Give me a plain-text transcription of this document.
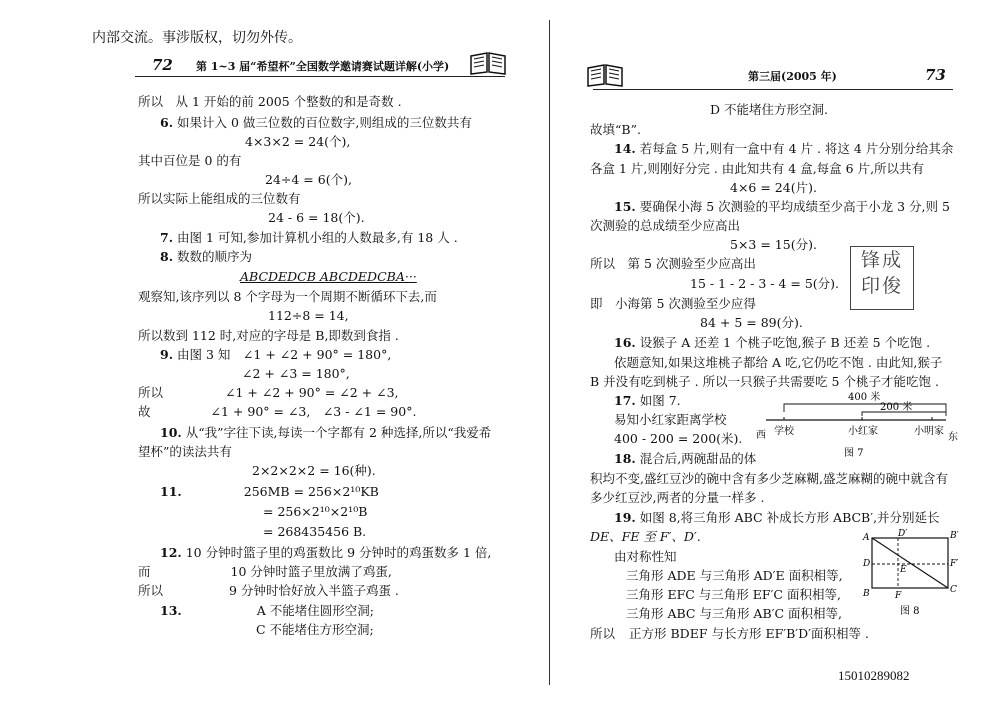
内部交流。事涉版权，切勿外传。
72 第 1~3 届“希望杯”全国数学邀请赛试题详解(小学)
第三届(2005 年)	73
所以　从 1 开始的前 2005 个整数的和是奇数 .
6. 如果计入 0 做三位数的百位数字,则组成的三位数共有
4×3×2 = 24(个),
其中百位是 0 的有
24÷4 = 6(个),
所以实际上能组成的三位数有
24 - 6 = 18(个).
7. 由图 1 可知,参加计算机小组的人数最多,有 18 人 .
8. 数数的顺序为
ABCDEDCB ABCDEDCBA···
观察知,该序列以 8 个字母为一个周期不断循环下去,而
112÷8 = 14,
所以数到 112 时,对应的字母是 B,即数到食指 .
9. 由图 3 知　∠1 + ∠2 + 90° = 180°,
∠2 + ∠3 = 180°,
所以	∠1 + ∠2 + 90° = ∠2 + ∠3,
故	∠1 + 90° = ∠3,　∠3 - ∠1 = 90°.
10. 从“我”字往下读,每读一个字都有 2 种选择,所以“我爱希
望杯”的读法共有
2×2×2×2 = 16(种).
11.	256MB = 256×2¹⁰KB
= 256×2¹⁰×2¹⁰B
= 268435456 B.
12. 10 分钟时篮子里的鸡蛋数比 9 分钟时的鸡蛋数多 1 倍,
而	10 分钟时篮子里放满了鸡蛋,
所以	9 分钟时恰好放入半篮子鸡蛋 .
13.	A 不能堵住圆形空洞;
C 不能堵住方形空洞;
D 不能堵住方形空洞.
故填“B”.
14. 若每盒 5 片,则有一盒中有 4 片 . 将这 4 片分别分给其余
各盒 1 片,则刚好分完 . 由此知共有 4 盒,每盒 6 片,所以共有
4×6 = 24(片).
15. 要确保小海 5 次测验的平均成绩至少高于小龙 3 分,则 5
次测验的总成绩至少应高出
5×3 = 15(分).
所以　第 5 次测验至少应高出
15 - 1 - 2 - 3 - 4 = 5(分).
即　小海第 5 次测验至少应得
84 + 5 = 89(分).
16. 设猴子 A 还差 1 个桃子吃饱,猴子 B 还差 5 个吃饱 .
依题意知,如果这堆桃子都给 A 吃,它仍吃不饱 . 由此知,猴子
B 并没有吃到桃子 . 所以一只猴子共需要吃 5 个桃子才能吃饱 .
17. 如图 7.
易知小红家距离学校
400 - 200 = 200(米).
18. 混合后,两碗甜品的体
积均不变,盛红豆沙的碗中含有多少芝麻糊,盛芝麻糊的碗中就含有
多少红豆沙,两者的分量一样多 .
19. 如图 8,将三角形 ABC 补成长方形 ABCB′,并分别延长
DE、FE 至 F′、D′.
由对称性知
三角形 ADE 与三角形 AD′E 面积相等,
三角形 EFC 与三角形 EF′C 面积相等,
三角形 ABC 与三角形 AB′C 面积相等,
所以 正方形 BDEF 与长方形 EF′B′D′面积相等 .
锋成
印俊
400 米
200 米
学校	小红家	小明家
西	东
图 7
A	D′	B′
D	F′
E
B	F
C
图 8
15010289082
